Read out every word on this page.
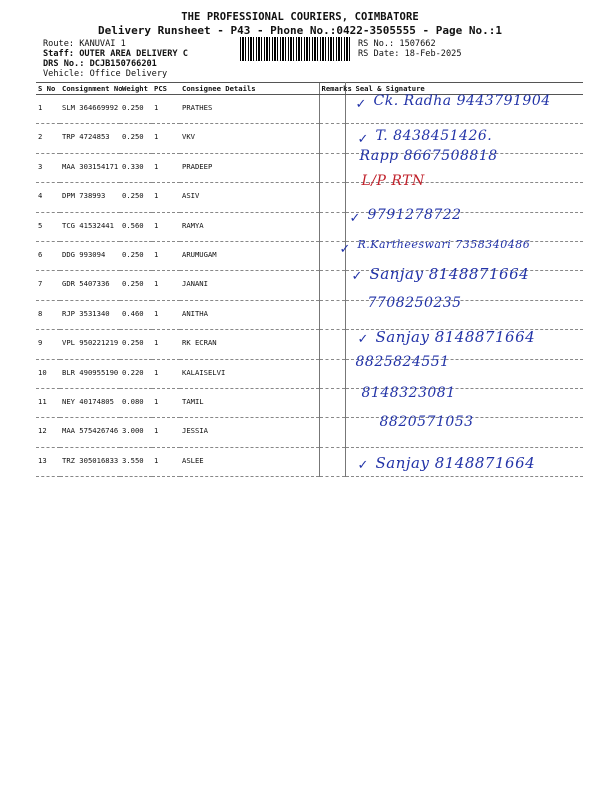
THE PROFESSIONAL COURIERS, COIMBATORE
Delivery Runsheet - P43 - Phone No.:0422-3505555 - Page No.:1
Route: KANUVAI 1
Staff: OUTER AREA DELIVERY C
DRS No.: DCJB150766201
Vehicle: Office Delivery
RS No.: 1507662
RS Date: 18-Feb-2025
S No	Consignment No	Weight	PCS	Consignee Details	Remarks	Seal & Signature
1	SLM 364669992	0.250	1	PRATHES		✓ Ck. Radha 9443791904

2	TRP 4724853	0.250	1	VKV		✓ T. 8438451426.

3	MAA 303154171	0.330	1	PRADEEP		Rapp 8667508818

4	DPM 738993	0.250	1	ASIV		L/P RTN

5	TCG 41532441	0.560	1	RAMYA		✓ 9791278722

6	DDG 993094	0.250	1	ARUMUGAM		✓ R.Kartheeswari 7358340486

7	GDR 5407336	0.250	1	JANANI		✓ Sanjay 8148871664

8	RJP 3531340	0.460	1	ANITHA		7708250235

9	VPL 950221219	0.250	1	RK ECRAN		✓ Sanjay 8148871664

10	BLR 490955190	0.220	1	KALAISELVI		8825824551

11	NEY 40174805	0.080	1	TAMIL		8148323081

12	MAA 575426746	3.000	1	JESSIA		8820571053

13	TRZ 305016833	3.550	1	ASLEE		✓ Sanjay 8148871664
